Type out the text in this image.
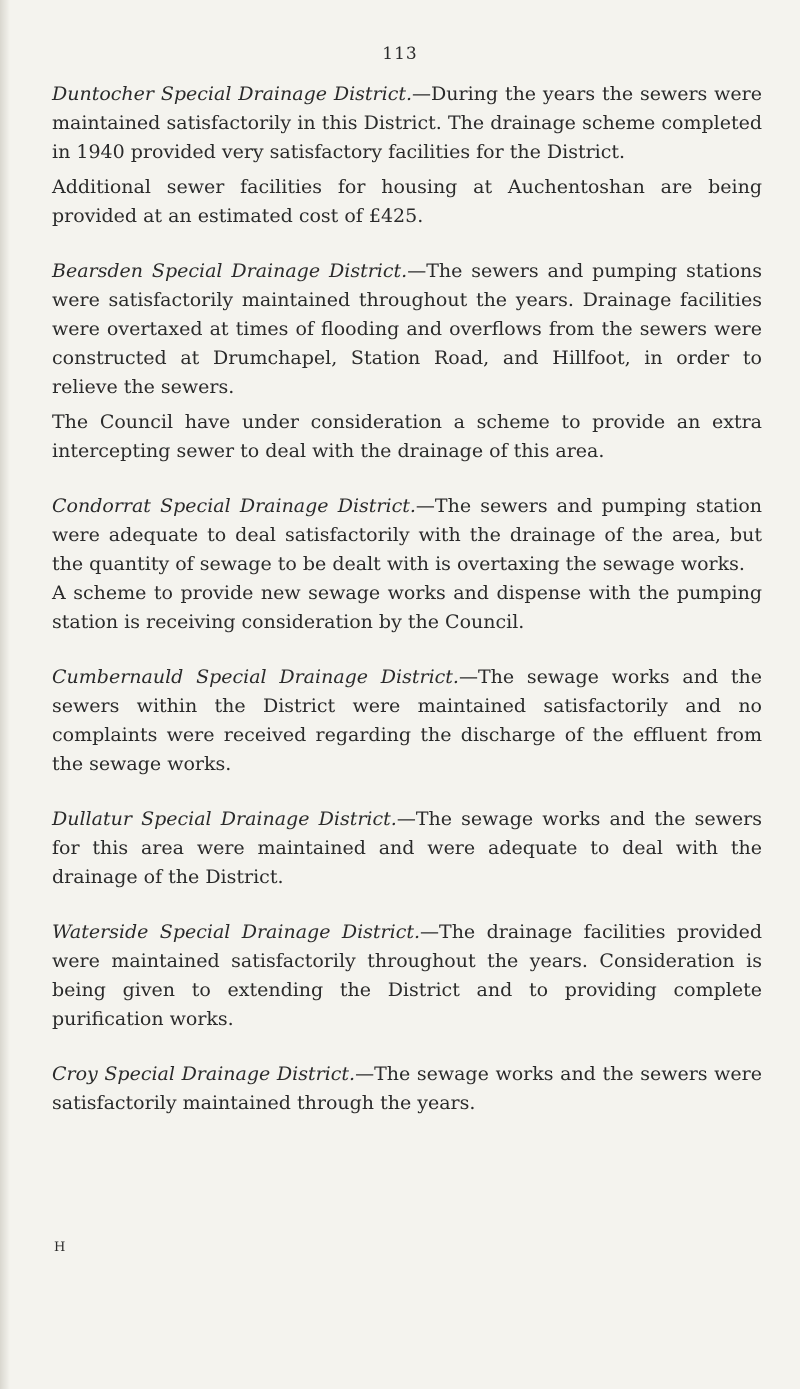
113

Duntocher Special Drainage District.—During the years the sewers were maintained satisfactorily in this District. The drainage scheme completed in 1940 provided very satisfactory facilities for the District.

Additional sewer facilities for housing at Auchentoshan are being provided at an estimated cost of £425.

Bearsden Special Drainage District.—The sewers and pumping stations were satisfactorily maintained throughout the years. Drainage facilities were overtaxed at times of flooding and overflows from the sewers were constructed at Drumchapel, Station Road, and Hillfoot, in order to relieve the sewers.

The Council have under consideration a scheme to provide an extra intercepting sewer to deal with the drainage of this area.

Condorrat Special Drainage District.—The sewers and pumping station were adequate to deal satisfactorily with the drainage of the area, but the quantity of sewage to be dealt with is overtaxing the sewage works.

A scheme to provide new sewage works and dispense with the pumping station is receiving consideration by the Council.

Cumbernauld Special Drainage District.—The sewage works and the sewers within the District were maintained satisfactorily and no complaints were received regarding the discharge of the effluent from the sewage works.

Dullatur Special Drainage District.—The sewage works and the sewers for this area were maintained and were adequate to deal with the drainage of the District.

Waterside Special Drainage District.—The drainage facilities provided were maintained satisfactorily throughout the years. Consideration is being given to extending the District and to providing complete purification works.

Croy Special Drainage District.—The sewage works and the sewers were satisfactorily maintained through the years.

H
